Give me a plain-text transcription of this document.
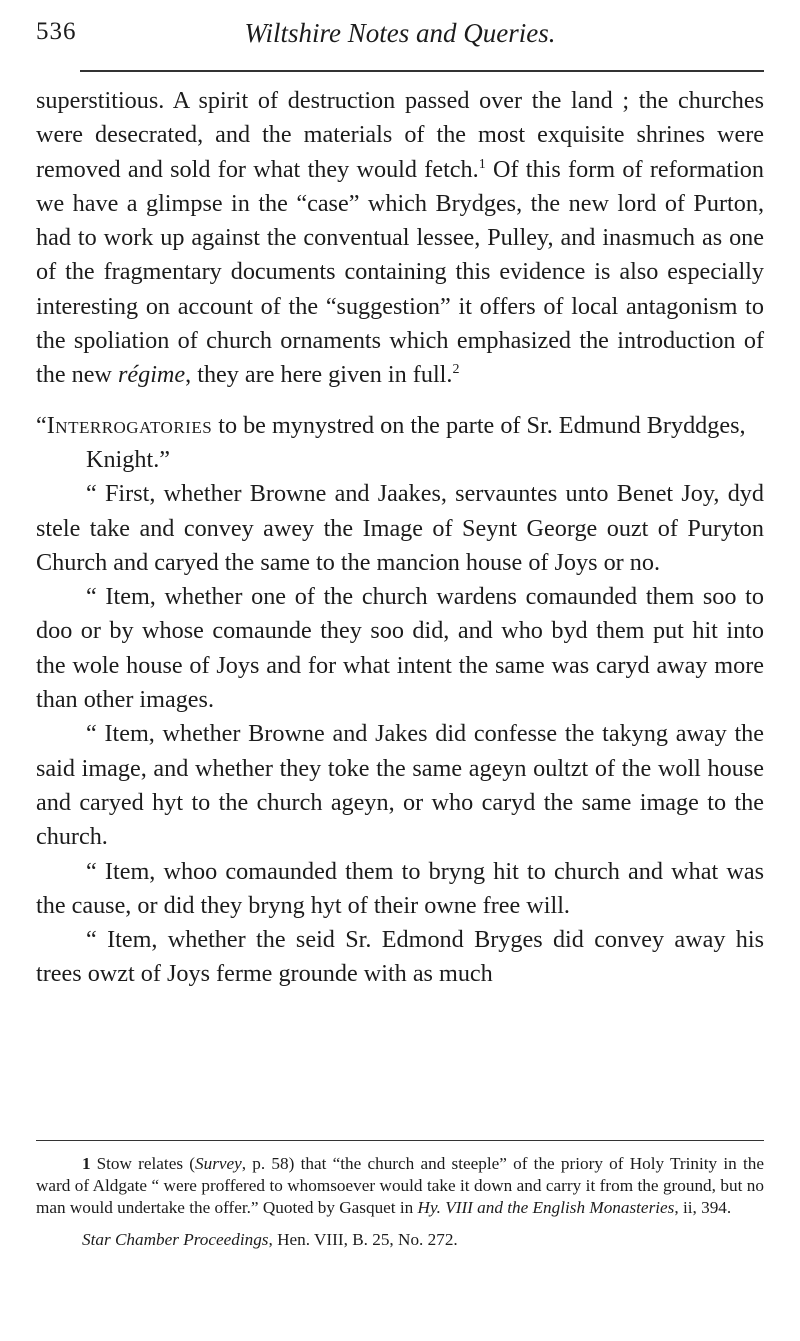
536	Wiltshire Notes and Queries.

superstitious. A spirit of destruction passed over the land ; the churches were desecrated, and the materials of the most exquisite shrines were removed and sold for what they would fetch.$^1$ Of this form of reformation we have a glimpse in the “case” which Brydges, the new lord of Purton, had to work up against the conventual lessee, Pulley, and inasmuch as one of the fragmentary documents containing this evidence is also especially interesting on account of the “suggestion” it offers of local antagonism to the spoliation of church ornaments which emphasized the introduction of the new régime, they are here given in full.$^2$

“Interrogatories to be mynystred on the parte of Sr. Edmund Bryddges, Knight.”

“ First, whether Browne and Jaakes, servauntes unto Benet Joy, dyd stele take and convey awey the Image of Seynt George ouzt of Puryton Church and caryed the same to the mancion house of Joys or no.

“ Item, whether one of the church wardens comaunded them soo to doo or by whose comaunde they soo did, and who byd them put hit into the wole house of Joys and for what intent the same was caryd away more than other images.

“ Item, whether Browne and Jakes did confesse the takyng away the said image, and whether they toke the same ageyn oultzt of the woll house and caryed hyt to the church ageyn, or who caryd the same image to the church.

“ Item, whoo comaunded them to bryng hit to church and what was the cause, or did they bryng hyt of their owne free will.

“ Item, whether the seid Sr. Edmond Bryges did convey away his trees owzt of Joys ferme grounde with as much

1 Stow relates (Survey, p. 58) that “the church and steeple” of the priory of Holy Trinity in the ward of Aldgate “ were proffered to whomsoever would take it down and carry it from the ground, but no man would undertake the offer.” Quoted by Gasquet in Hy. VIII and the English Monasteries, ii, 394.

Star Chamber Proceedings, Hen. VIII, B. 25, No. 272.
